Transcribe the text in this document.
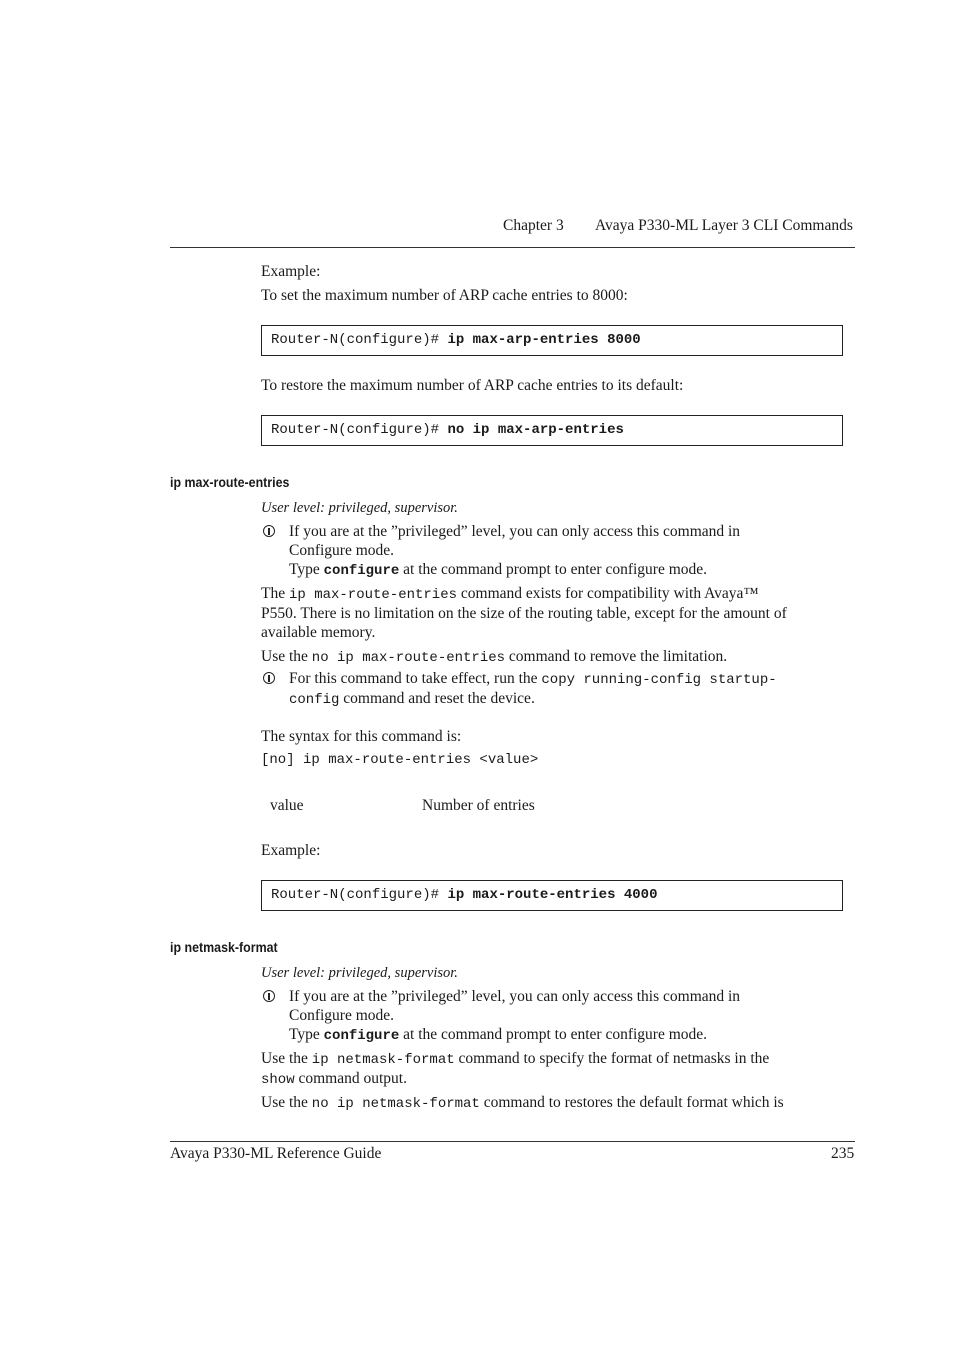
Chapter 3 Avaya P330-ML Layer 3 CLI Commands
Example:
To set the maximum number of ARP cache entries to 8000:
Router-N(configure)# ip max-arp-entries 8000
To restore the maximum number of ARP cache entries to its default:
Router-N(configure)# no ip max-arp-entries
ip max-route-entries
User level: privileged, supervisor.
If you are at the ”privileged” level, you can only access this command in
Configure mode.
Type configure at the command prompt to enter configure mode.
The ip max-route-entries command exists for compatibility with Avaya™
P550. There is no limitation on the size of the routing table, except for the amount of
available memory.
Use the no ip max-route-entries command to remove the limitation.
For this command to take effect, run the copy running-config startup-
config command and reset the device.
The syntax for this command is:
[no] ip max-route-entries <value>
value	Number of entries
Example:
Router-N(configure)# ip max-route-entries 4000
ip netmask-format
User level: privileged, supervisor.
If you are at the ”privileged” level, you can only access this command in
Configure mode.
Type configure at the command prompt to enter configure mode.
Use the ip netmask-format command to specify the format of netmasks in the
show command output.
Use the no ip netmask-format command to restores the default format which is
Avaya P330-ML Reference Guide	235
